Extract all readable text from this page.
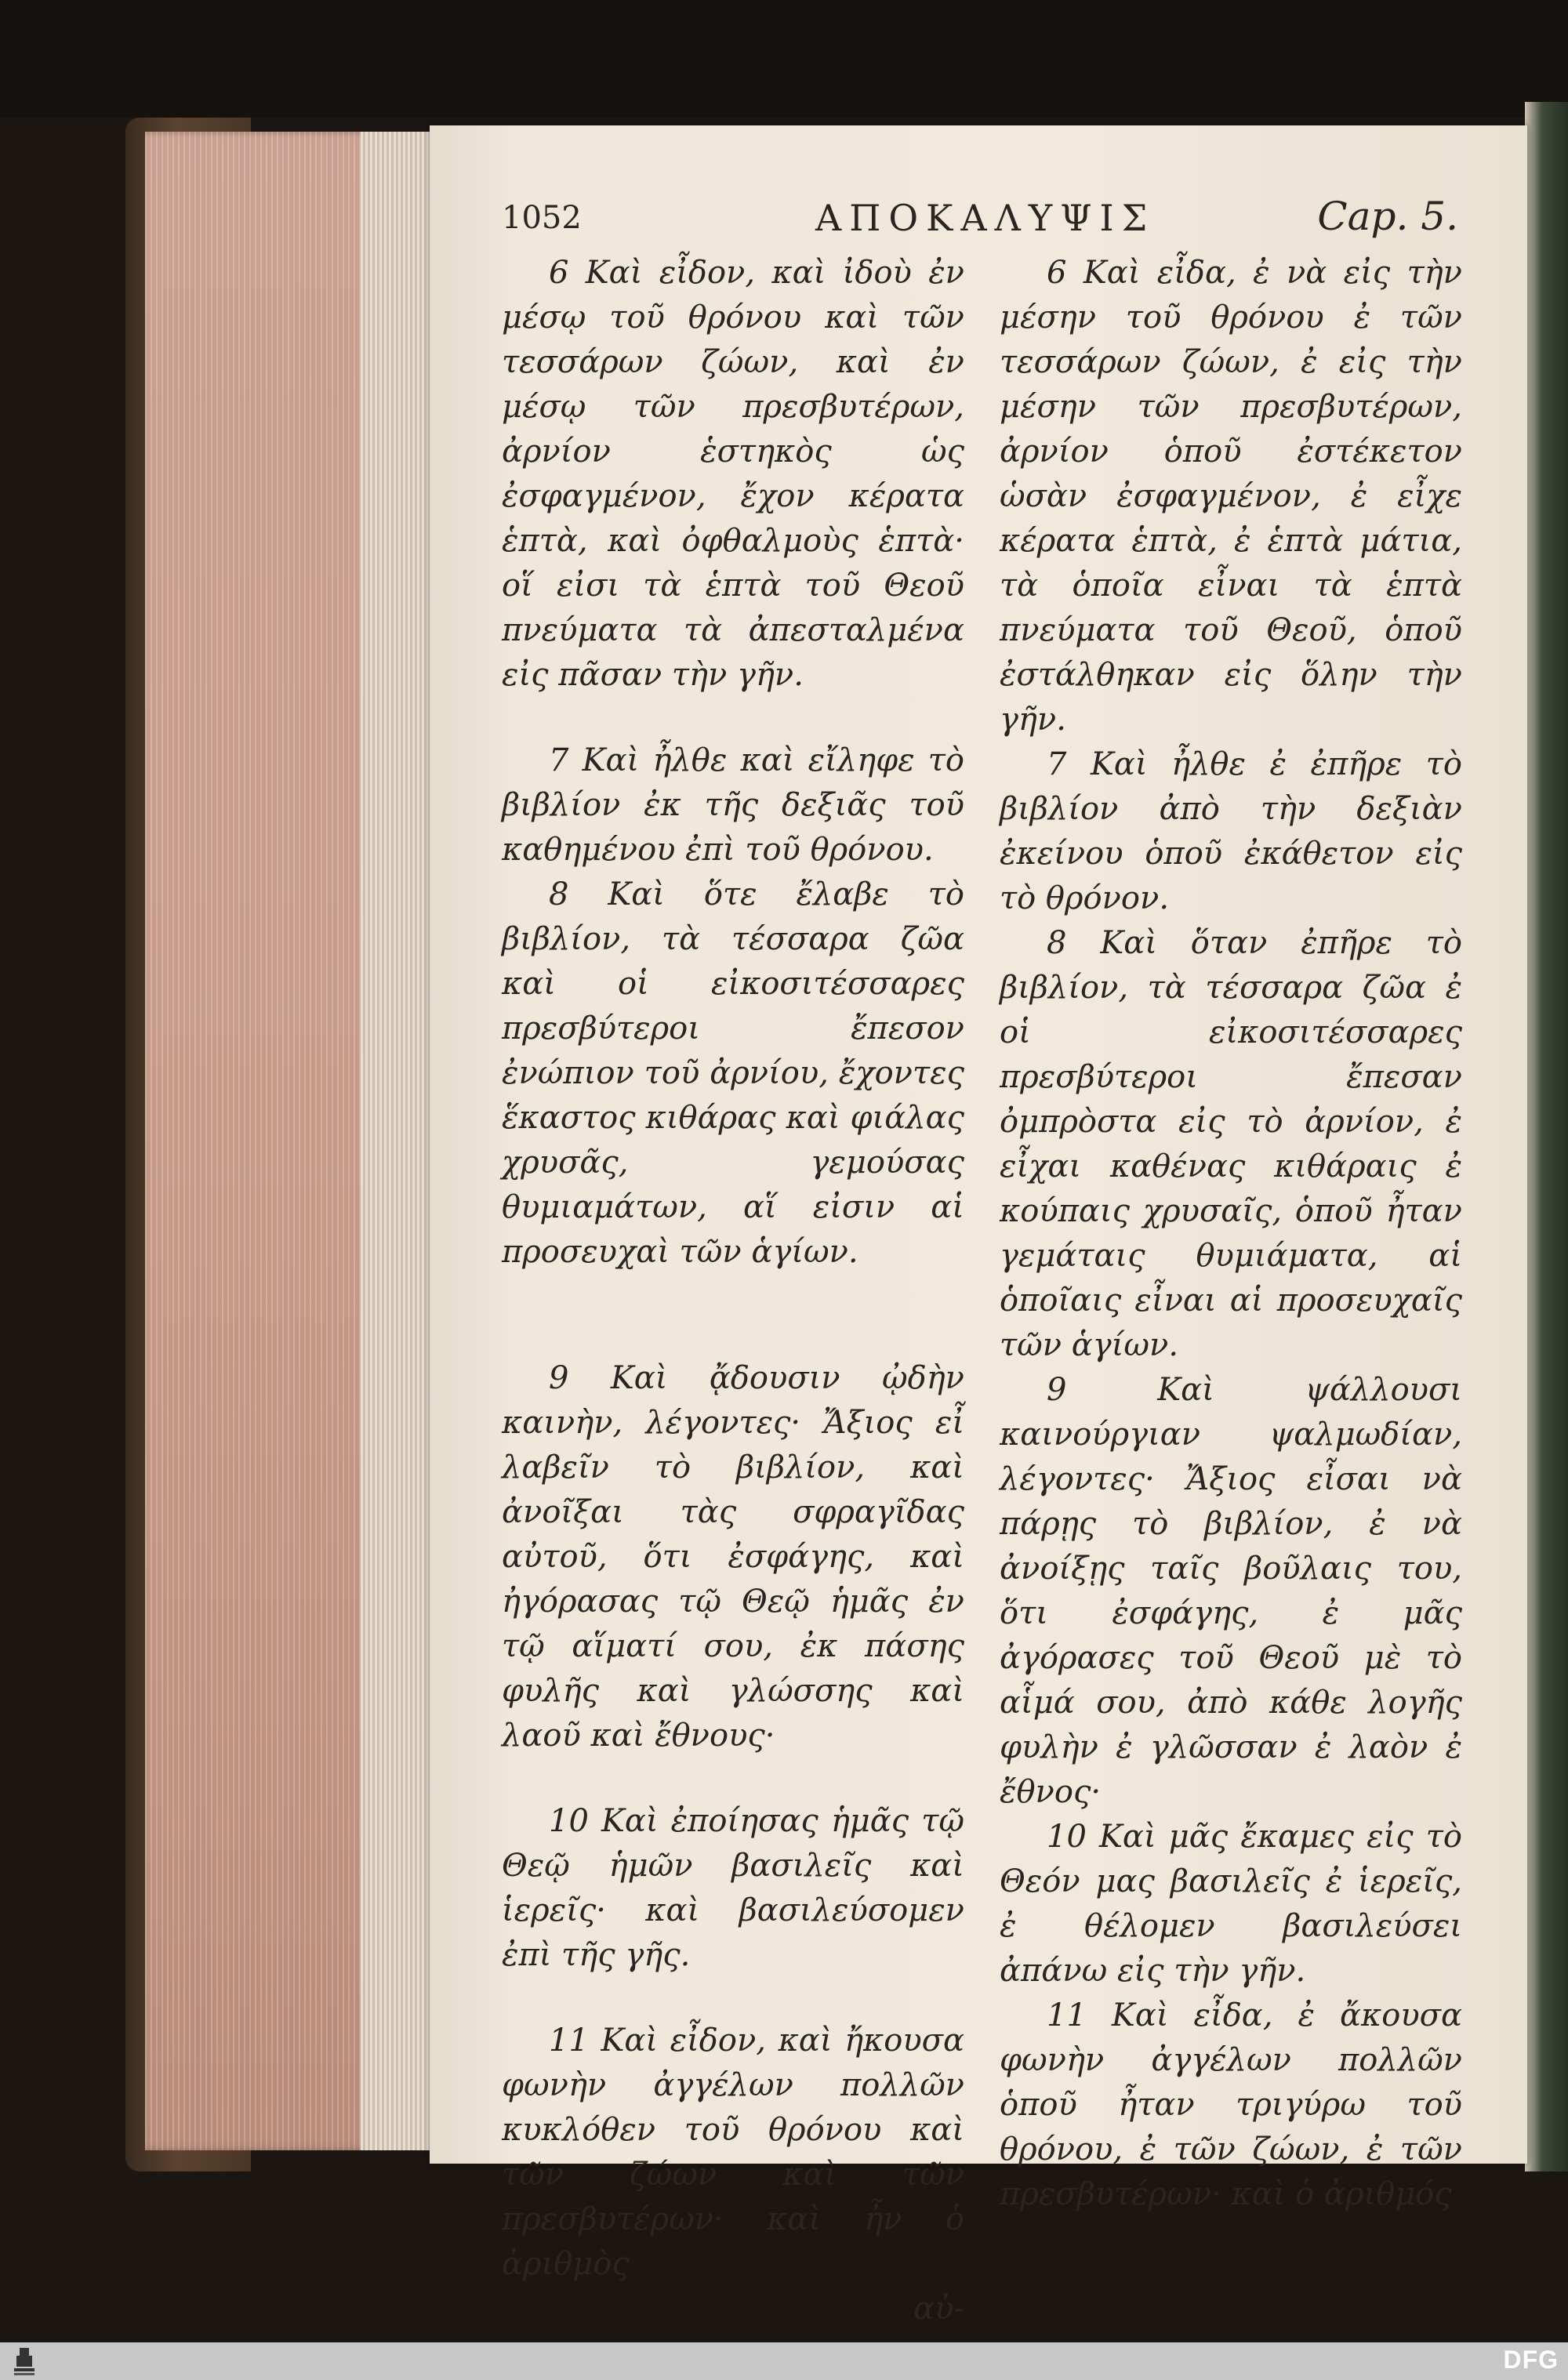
1052	ΑΠΟΚΑΛΥΨΙΣ	Cap. 5.

6 Καὶ εἶδον, καὶ ἰδοὺ ἐν μέσῳ τοῦ θρόνου καὶ τῶν τεσσάρων ζώων, καὶ ἐν μέσῳ τῶν πρεσβυτέρων, ἀρνίον ἑστηκὸς ὡς ἐσφαγμένον, ἔχον κέρατα ἑπτὰ, καὶ ὀφθαλμοὺς ἑπτὰ· οἵ εἰσι τὰ ἑπτὰ τοῦ Θεοῦ πνεύματα τὰ ἀπεσταλμένα εἰς πᾶσαν τὴν γῆν.

7 Καὶ ἦλθε καὶ εἴληφε τὸ βιβλίον ἐκ τῆς δεξιᾶς τοῦ καθημένου ἐπὶ τοῦ θρόνου.

8 Καὶ ὅτε ἔλαβε τὸ βιβλίον, τὰ τέσσαρα ζῶα καὶ οἱ εἰκοσιτέσσαρες πρεσβύτεροι ἔπεσον ἐνώπιον τοῦ ἀρνίου, ἔχοντες ἕκαστος κιθάρας καὶ φιάλας χρυσᾶς, γεμούσας θυμιαμάτων, αἵ εἰσιν αἱ προσευχαὶ τῶν ἁγίων.

9 Καὶ ᾄδουσιν ᾠδὴν καινὴν, λέγοντες· Ἄξιος εἶ λαβεῖν τὸ βιβλίον, καὶ ἀνοῖξαι τὰς σφραγῖδας αὐτοῦ, ὅτι ἐσφάγης, καὶ ἠγόρασας τῷ Θεῷ ἡμᾶς ἐν τῷ αἵματί σου, ἐκ πάσης φυλῆς καὶ γλώσσης καὶ λαοῦ καὶ ἔθνους·

10 Καὶ ἐποίησας ἡμᾶς τῷ Θεῷ ἡμῶν βασιλεῖς καὶ ἱερεῖς· καὶ βασιλεύσομεν ἐπὶ τῆς γῆς.

11 Καὶ εἶδον, καὶ ἤκουσα φωνὴν ἀγγέλων πολλῶν κυκλόθεν τοῦ θρόνου καὶ τῶν ζώων καὶ τῶν πρεσβυτέρων· καὶ ἦν ὁ ἀριθμὸς

αὐ-

6 Καὶ εἶδα, ἐ νὰ εἰς τὴν μέσην τοῦ θρόνου ἐ τῶν τεσσάρων ζώων, ἐ εἰς τὴν μέσην τῶν πρεσβυτέρων, ἀρνίον ὁποῦ ἐστέκετον ὡσὰν ἐσφαγμένον, ἐ εἶχε κέρατα ἑπτὰ, ἐ ἑπτὰ μάτια, τὰ ὁποῖα εἶναι τὰ ἑπτὰ πνεύματα τοῦ Θεοῦ, ὁποῦ ἐστάλθηκαν εἰς ὅλην τὴν γῆν.

7 Καὶ ἦλθε ἐ ἐπῆρε τὸ βιβλίον ἀπὸ τὴν δεξιὰν ἐκείνου ὁποῦ ἐκάθετον εἰς τὸ θρόνον.

8 Καὶ ὅταν ἐπῆρε τὸ βιβλίον, τὰ τέσσαρα ζῶα ἐ οἱ εἰκοσιτέσσαρες πρεσβύτεροι ἔπεσαν ὀμπρὸστα εἰς τὸ ἀρνίον, ἐ εἶχαι καθένας κιθάραις ἐ κούπαις χρυσαῖς, ὁποῦ ἦταν γεμάταις θυμιάματα, αἱ ὁποῖαις εἶναι αἱ προσευχαῖς τῶν ἁγίων.

9 Καὶ ψάλλουσι καινούργιαν ψαλμωδίαν, λέγοντες· Ἄξιος εἶσαι νὰ πάρῃς τὸ βιβλίον, ἐ νὰ ἀνοίξῃς ταῖς βοῦλαις του, ὅτι ἐσφάγης, ἐ μᾶς ἀγόρασες τοῦ Θεοῦ μὲ τὸ αἷμά σου, ἀπὸ κάθε λογῆς φυλὴν ἐ γλῶσσαν ἐ λαὸν ἐ ἔθνος·

10 Καὶ μᾶς ἔκαμες εἰς τὸ Θεόν μας βασιλεῖς ἐ ἱερεῖς, ἐ θέλομεν βασιλεύσει ἀπάνω εἰς τὴν γῆν.

11 Καὶ εἶδα, ἐ ἄκουσα φωνὴν ἀγγέλων πολλῶν ὁποῦ ἦταν τριγύρω τοῦ θρόνου, ἐ τῶν ζώων, ἐ τῶν πρεσβυτέρων· καὶ ὁ ἀριθμός

DFG
